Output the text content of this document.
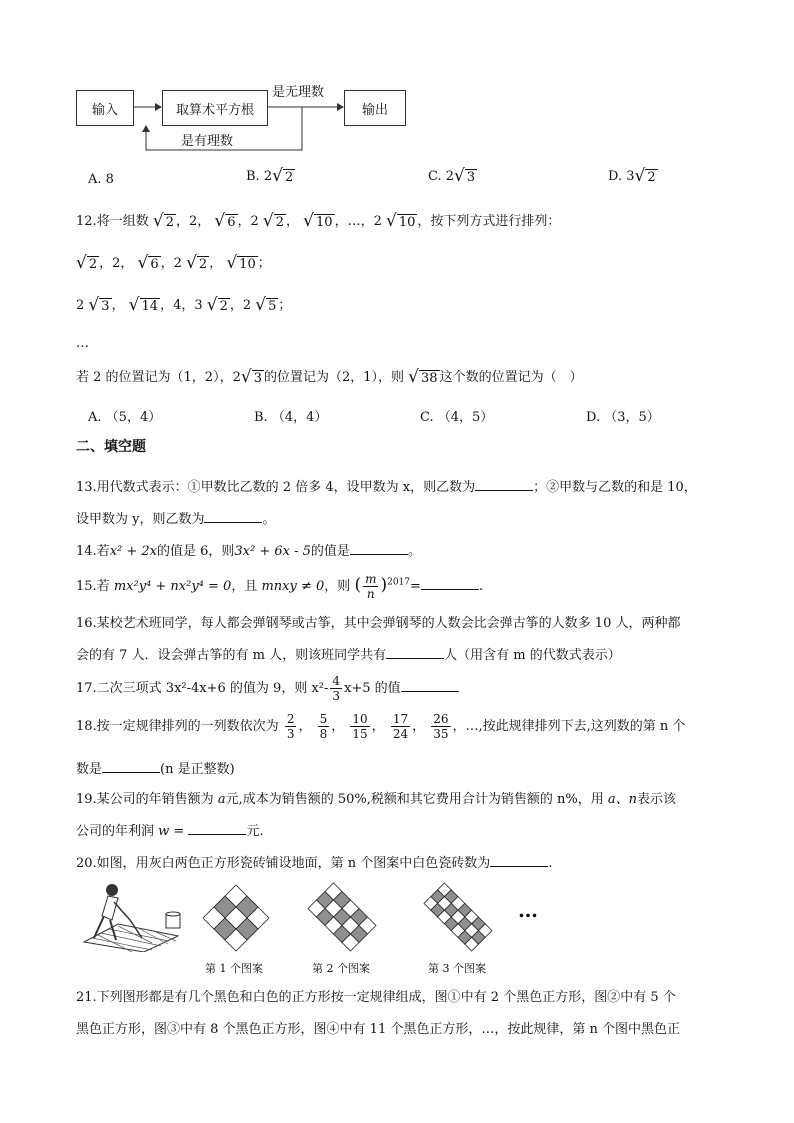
输入	取算术平方根	输出
是无理数
是有理数
A. 8	B. 2 √ 2	C. 2 √ 3	D. 3 √ 2
12.将一组数 √ 2 ，2， √ 6 ，2 √ 2 ， √ 10 ，…，2 √ 10 ，按下列方式进行排列：
√ 2 ，2， √ 6 ，2 √ 2 ， √ 10 ；
2 √ 3 ， √ 14 ，4，3 √ 2 ，2 √ 5 ；
…
若 2 的位置记为（1，2），2 √ 3 的位置记为（2，1），则 √ 38 这个数的位置记为（　）
A. （5，4）	B. （4，4）	C. （4，5）	D. （3，5）
二、填空题
13.用代数式表示：①甲数比乙数的 2 倍多 4，设甲数为 x，则乙数为	；②甲数与乙数的和是 10，
设甲数为 y，则乙数为	。
14.若x² + 2x的值是 6，则3x² + 6x - 5的值是	。
15.若 mx²y⁴ + nx²y⁴ = 0，且 mnxy ≠ 0，则 ( $\frac{m}{n} )^{2017}=$	.
16.某校艺术班同学，每人都会弹钢琴或古筝，其中会弹钢琴的人数会比会弹古筝的人数多 10 人，两种都
会的有 7 人．设会弹古筝的有 m 人，则该班同学共有	人（用含有 m 的代数式表示）
17.二次三项式 3x²-4x+6 的值为 9，则 $x^2- \frac{4}{3} x+5$ 的值
18.按一定规律排列的一列数依次为 $\frac{2}{3}$ ， $\frac{5}{8}$ ， $\frac{10}{15}$ ， $\frac{17}{24}$ ， $\frac{26}{35}$ ，…,按此规律排列下去,这列数的第 n 个
数是	(n 是正整数)
19.某公司的年销售额为 a元,成本为销售额的 50%,税额和其它费用合计为销售额的 n%，用 a、n表示该
公司的年利润 w =	元.
20.如图，用灰白两色正方形瓷砖铺设地面，第 n 个图案中白色瓷砖数为	.
…
第 1 个图案	第 2 个图案	第 3 个图案
21.下列图形都是有几个黑色和白色的正方形按一定规律组成，图①中有 2 个黑色正方形，图②中有 5 个
黑色正方形，图③中有 8 个黑色正方形，图④中有 11 个黑色正方形，…，按此规律，第 n 个图中黑色正
